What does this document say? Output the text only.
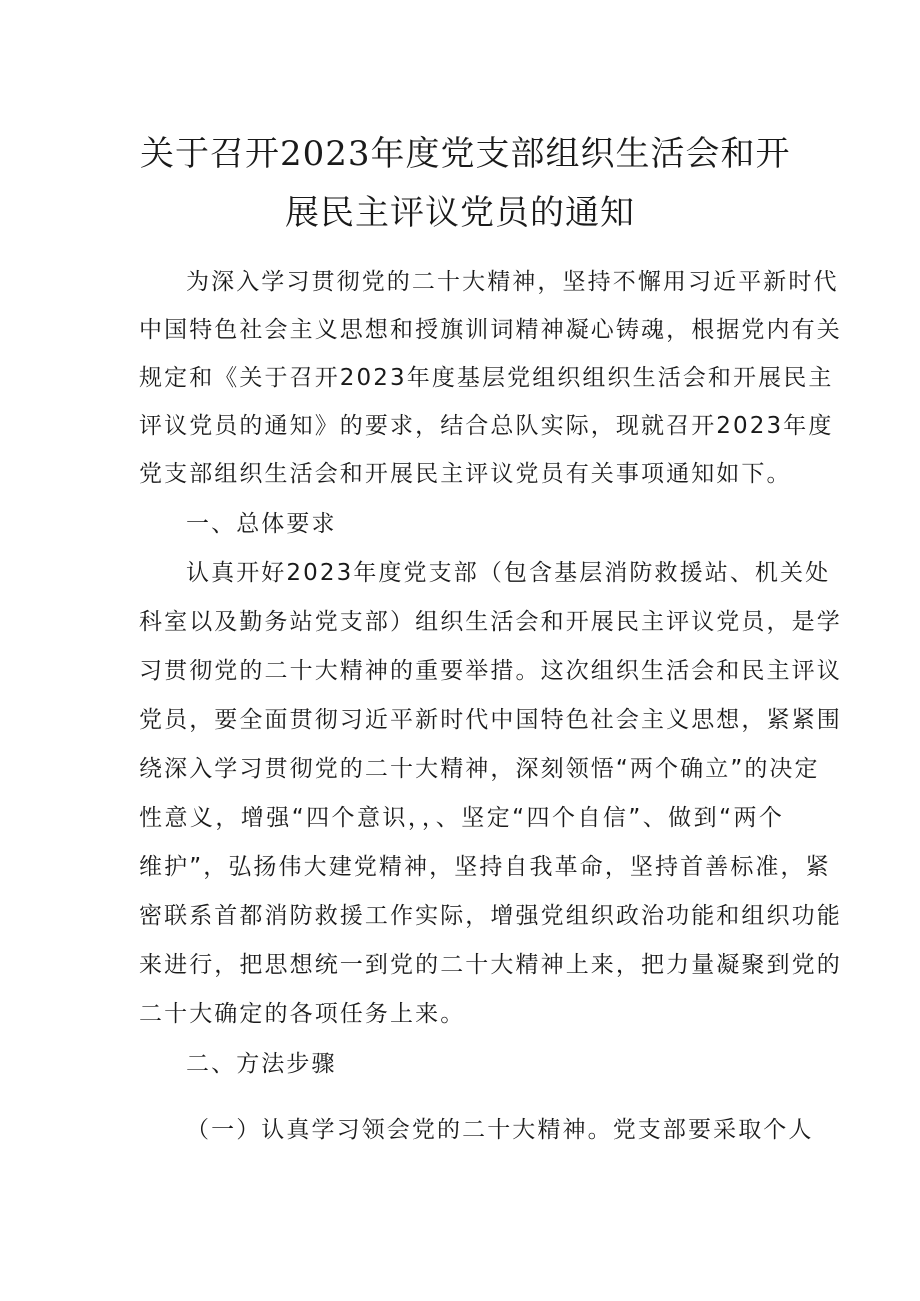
关于召开2023年度党支部组织生活会和开
展民主评议党员的通知

为深入学习贯彻党的二十大精神，坚持不懈用习近平新时代

中国特色社会主义思想和授旗训词精神凝心铸魂，根据党内有关

规定和《关于召开2023年度基层党组织组织生活会和开展民主

评议党员的通知》的要求，结合总队实际，现就召开2023年度

党支部组织生活会和开展民主评议党员有关事项通知如下。

一、总体要求

认真开好2023年度党支部（包含基层消防救援站、机关处

科室以及勤务站党支部）组织生活会和开展民主评议党员，是学

习贯彻党的二十大精神的重要举措。这次组织生活会和民主评议

党员，要全面贯彻习近平新时代中国特色社会主义思想，紧紧围

绕深入学习贯彻党的二十大精神，深刻领悟“两个确立”的决定

性意义，增强“四个意识，，、坚定“四个自信”、做到“两个

维护”，弘扬伟大建党精神，坚持自我革命，坚持首善标准，紧

密联系首都消防救援工作实际，增强党组织政治功能和组织功能

来进行，把思想统一到党的二十大精神上来，把力量凝聚到党的

二十大确定的各项任务上来。

二、方法步骤

（一）认真学习领会党的二十大精神。党支部要采取个人
